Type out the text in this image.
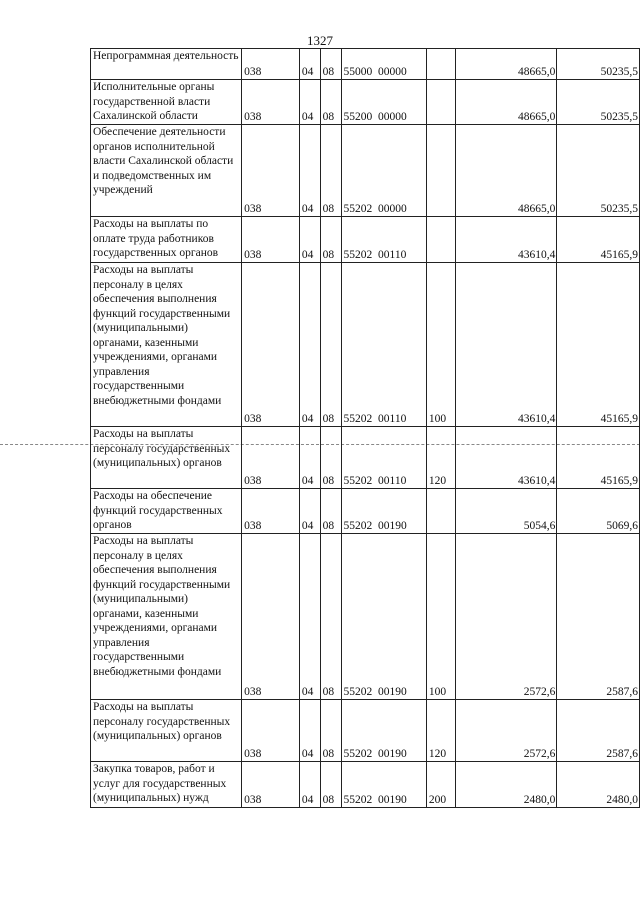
1327
Непрограммная деятельность	038	04	08	55000  00000		48665,0	50235,5
Исполнительные органы государственной власти Сахалинской области	038	04	08	55200  00000		48665,0	50235,5
Обеспечение деятельности органов исполнительной власти Сахалинской области и подведомственных им учреждений	038	04	08	55202  00000		48665,0	50235,5
Расходы на выплаты по оплате труда работников государственных органов	038	04	08	55202  00110		43610,4	45165,9
Расходы на выплаты персоналу в целях обеспечения выполнения функций государственными (муниципальными) органами, казенными учреждениями, органами управления государственными внебюджетными фондами	038	04	08	55202  00110	100	43610,4	45165,9
Расходы на выплаты персоналу государственных (муниципальных) органов	038	04	08	55202  00110	120	43610,4	45165,9
Расходы на обеспечение функций государственных органов	038	04	08	55202  00190		5054,6	5069,6
Расходы на выплаты персоналу в целях обеспечения выполнения функций государственными (муниципальными) органами, казенными учреждениями, органами управления государственными внебюджетными фондами	038	04	08	55202  00190	100	2572,6	2587,6
Расходы на выплаты персоналу государственных (муниципальных) органов	038	04	08	55202  00190	120	2572,6	2587,6
Закупка товаров, работ и услуг для государственных (муниципальных) нужд	038	04	08	55202  00190	200	2480,0	2480,0
